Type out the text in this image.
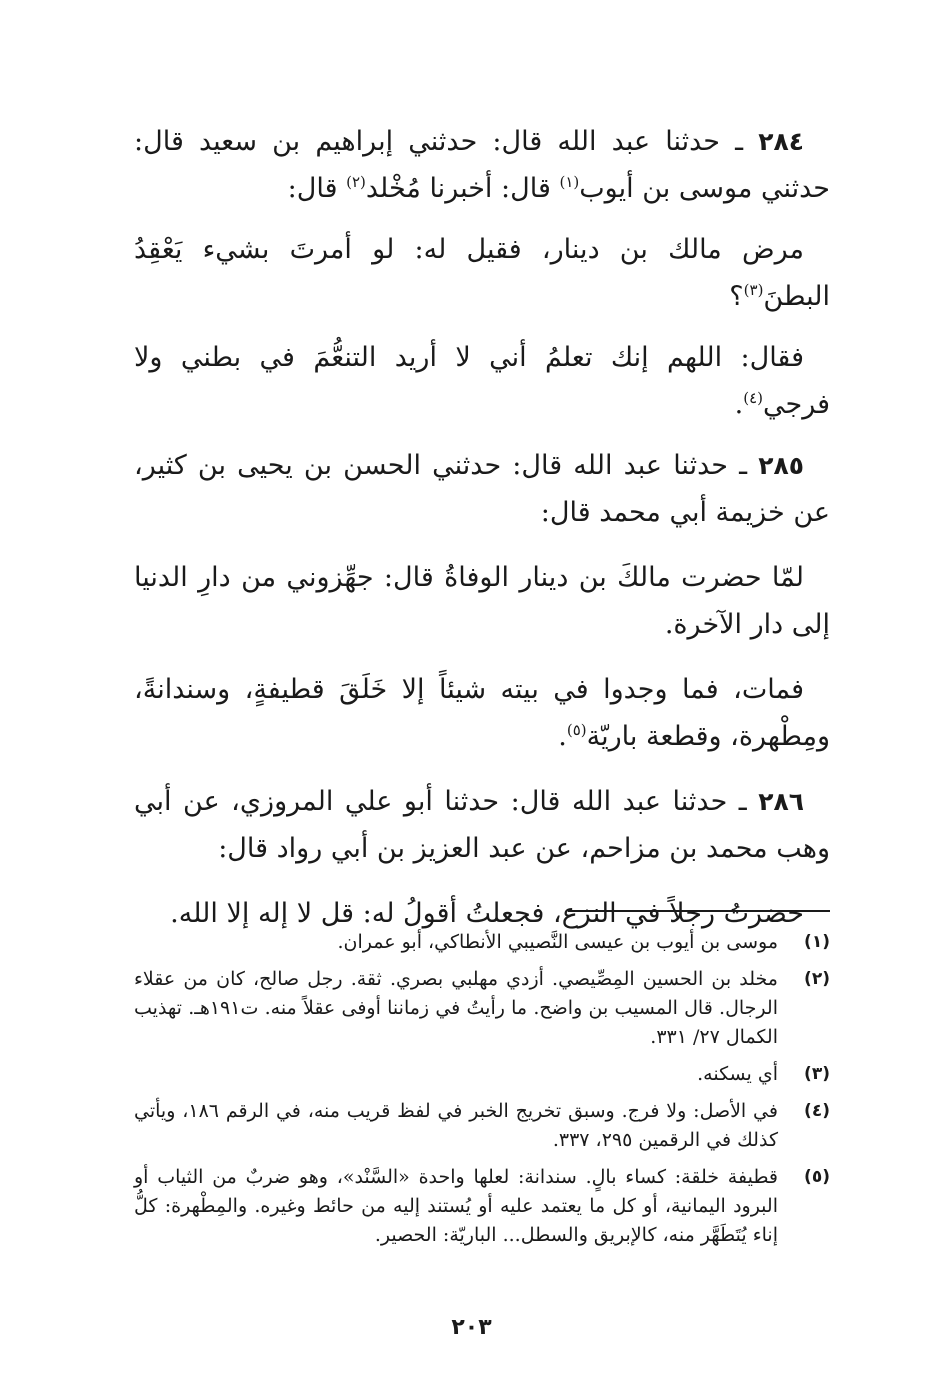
٢٨٤ ـ حدثنا عبد الله قال: حدثني إبراهيم بن سعيد قال: حدثني موسى بن أيوب$^{(١)}$ قال: أخبرنا مُخْلد$^{(٢)}$ قال:

مرض مالك بن دينار، فقيل له: لو أمرتَ بشيء يَعْقِدُ البطنَ$^{(٣)}$؟

فقال: اللهم إنك تعلمُ أني لا أريد التنعُّمَ في بطني ولا فرجي$^{(٤)}$.

٢٨٥ ـ حدثنا عبد الله قال: حدثني الحسن بن يحيى بن كثير، عن خزيمة أبي محمد قال:

لمّا حضرت مالكَ بن دينار الوفاةُ قال: جهِّزوني من دارِ الدنيا إلى دار الآخرة.

فمات، فما وجدوا في بيته شيئاً إلا خَلَقَ قطيفةٍ، وسندانةً، ومِطْهرة، وقطعة باريّة$^{(٥)}$.

٢٨٦ ـ حدثنا عبد الله قال: حدثنا أبو علي المروزي، عن أبي وهب محمد بن مزاحم، عن عبد العزيز بن أبي رواد قال:

حضرتُ رجلاً في النزع، فجعلتُ أقولُ له: قل لا إله إلا الله.

(١)
موسى بن أيوب بن عيسى النَّصيبي الأنطاكي، أبو عمران.
(٢)
مخلد بن الحسين المِصِّيصي. أزدي مهلبي بصري. ثقة. رجل صالح، كان من عقلاء الرجال. قال المسيب بن واضح. ما رأيتُ في زماننا أوفى عقلاً منه. ت١٩١هـ. تهذيب الكمال ٢٧/ ٣٣١.
(٣)
أي يسكنه.
(٤)
في الأصل: ولا فرج. وسبق تخريج الخبر في لفظ قريب منه، في الرقم ١٨٦، ويأتي كذلك في الرقمين ٢٩٥، ٣٣٧.
(٥)
قطيفة خلقة: كساء بالٍ. سندانة: لعلها واحدة «السَّنْد»، وهو ضربٌ من الثياب أو البرود اليمانية، أو كل ما يعتمد عليه أو يُستند إليه من حائط وغيره. والمِطْهرة: كلُّ إناء يُتَطَهَّر منه، كالإبريق والسطل... الباريّة: الحصير.
٢٠٣
